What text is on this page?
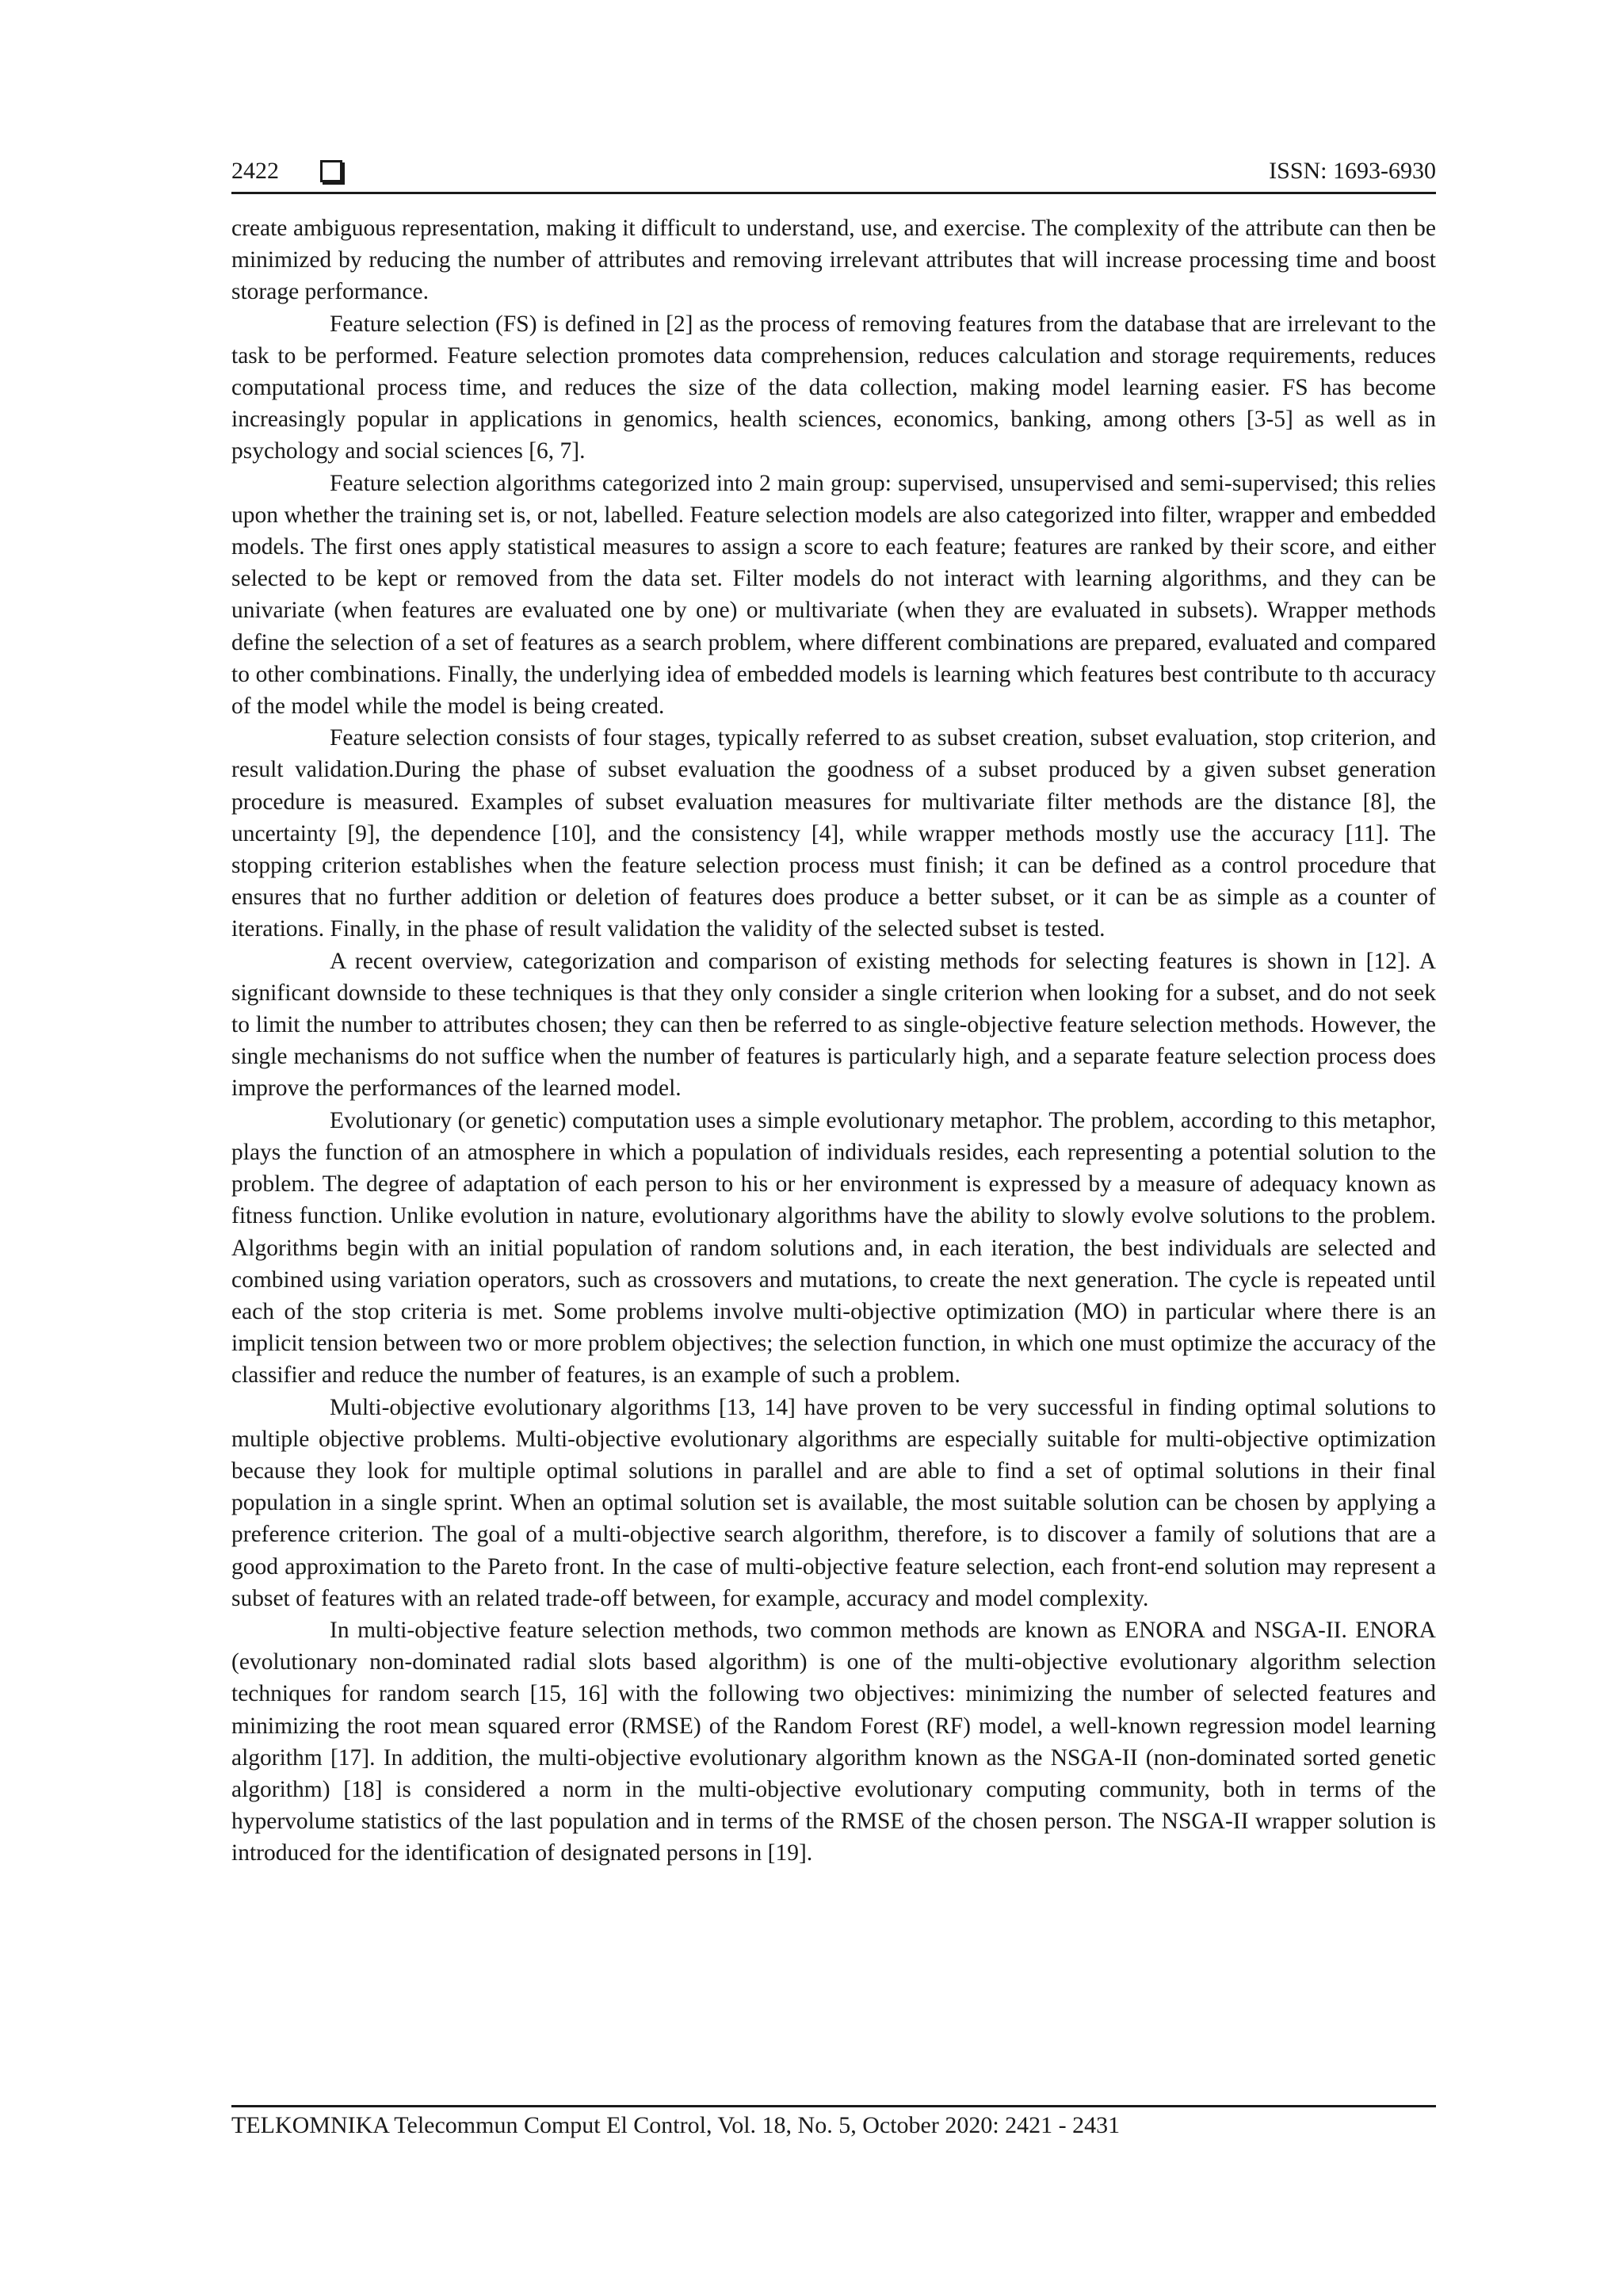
2422	ISSN: 1693-6930

create ambiguous representation, making it difficult to understand, use, and exercise. The complexity of the attribute can then be minimized by reducing the number of attributes and removing irrelevant attributes that will increase processing time and boost storage performance.

Feature selection (FS) is defined in [2] as the process of removing features from the database that are irrelevant to the task to be performed. Feature selection promotes data comprehension, reduces calculation and storage requirements, reduces computational process time, and reduces the size of the data collection, making model learning easier. FS has become increasingly popular in applications in genomics, health sciences, economics, banking, among others [3-5] as well as in psychology and social sciences [6, 7].

Feature selection algorithms categorized into 2 main group: supervised, unsupervised and semi-supervised; this relies upon whether the training set is, or not, labelled. Feature selection models are also categorized into filter, wrapper and embedded models. The first ones apply statistical measures to assign a score to each feature; features are ranked by their score, and either selected to be kept or removed from the data set. Filter models do not interact with learning algorithms, and they can be univariate (when features are evaluated one by one) or multivariate (when they are evaluated in subsets). Wrapper methods define the selection of a set of features as a search problem, where different combinations are prepared, evaluated and compared to other combinations. Finally, the underlying idea of embedded models is learning which features best contribute to th accuracy of the model while the model is being created.

Feature selection consists of four stages, typically referred to as subset creation, subset evaluation, stop criterion, and result validation.During the phase of subset evaluation the goodness of a subset produced by a given subset generation procedure is measured. Examples of subset evaluation measures for multivariate filter methods are the distance [8], the uncertainty [9], the dependence [10], and the consistency [4], while wrapper methods mostly use the accuracy [11]. The stopping criterion establishes when the feature selection process must finish; it can be defined as a control procedure that ensures that no further addition or deletion of features does produce a better subset, or it can be as simple as a counter of iterations. Finally, in the phase of result validation the validity of the selected subset is tested.

A recent overview, categorization and comparison of existing methods for selecting features is shown in [12]. A significant downside to these techniques is that they only consider a single criterion when looking for a subset, and do not seek to limit the number to attributes chosen; they can then be referred to as single-objective feature selection methods. However, the single mechanisms do not suffice when the number of features is particularly high, and a separate feature selection process does improve the performances of the learned model.

Evolutionary (or genetic) computation uses a simple evolutionary metaphor. The problem, according to this metaphor, plays the function of an atmosphere in which a population of individuals resides, each representing a potential solution to the problem. The degree of adaptation of each person to his or her environment is expressed by a measure of adequacy known as fitness function. Unlike evolution in nature, evolutionary algorithms have the ability to slowly evolve solutions to the problem. Algorithms begin with an initial population of random solutions and, in each iteration, the best individuals are selected and combined using variation operators, such as crossovers and mutations, to create the next generation. The cycle is repeated until each of the stop criteria is met. Some problems involve multi-objective optimization (MO) in particular where there is an implicit tension between two or more problem objectives; the selection function, in which one must optimize the accuracy of the classifier and reduce the number of features, is an example of such a problem.

Multi-objective evolutionary algorithms [13, 14] have proven to be very successful in finding optimal solutions to multiple objective problems. Multi-objective evolutionary algorithms are especially suitable for multi-objective optimization because they look for multiple optimal solutions in parallel and are able to find a set of optimal solutions in their final population in a single sprint. When an optimal solution set is available, the most suitable solution can be chosen by applying a preference criterion. The goal of a multi-objective search algorithm, therefore, is to discover a family of solutions that are a good approximation to the Pareto front. In the case of multi-objective feature selection, each front-end solution may represent a subset of features with an related trade-off between, for example, accuracy and model complexity.

In multi-objective feature selection methods, two common methods are known as ENORA and NSGA-II. ENORA (evolutionary non-dominated radial slots based algorithm) is one of the multi-objective evolutionary algorithm selection techniques for random search [15, 16] with the following two objectives: minimizing the number of selected features and minimizing the root mean squared error (RMSE) of the Random Forest (RF) model, a well-known regression model learning algorithm [17]. In addition, the multi-objective evolutionary algorithm known as the NSGA-II (non-dominated sorted genetic algorithm) [18] is considered a norm in the multi-objective evolutionary computing community, both in terms of the hypervolume statistics of the last population and in terms of the RMSE of the chosen person. The NSGA-II wrapper solution is introduced for the identification of designated persons in [19].

TELKOMNIKA Telecommun Comput El Control, Vol. 18, No. 5, October 2020: 2421 - 2431
